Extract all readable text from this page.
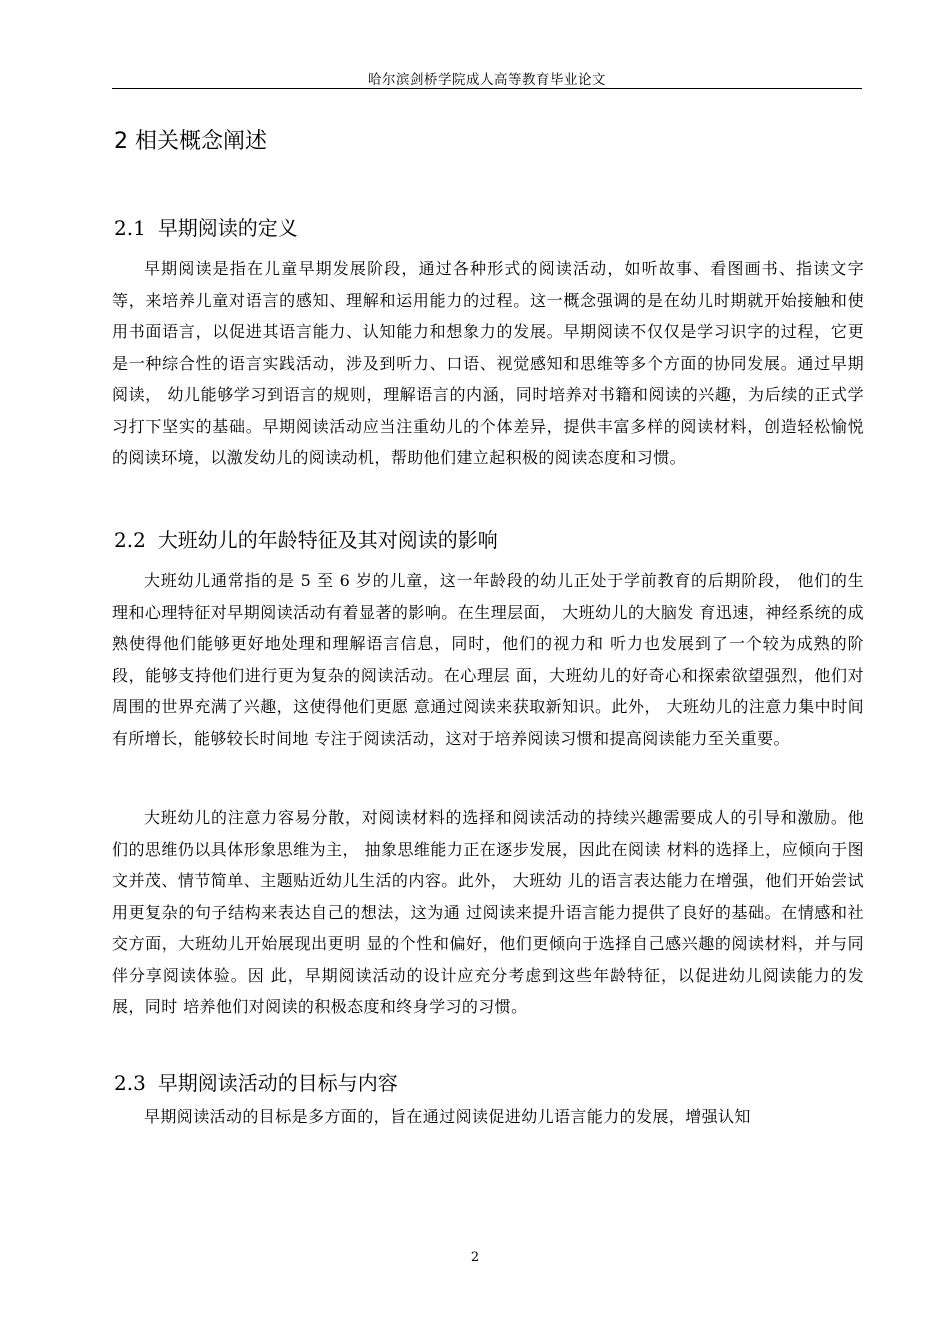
哈尔滨剑桥学院成人高等教育毕业论文
2 相关概念阐述
2.1 早期阅读的定义

早期阅读是指在儿童早期发展阶段，通过各种形式的阅读活动，如听故事、看图画书、指读文字等，来培养儿童对语言的感知、理解和运用能力的过程。这一概念强调的是在幼儿时期就开始接触和使用书面语言，以促进其语言能力、认知能力和想象力的发展。早期阅读不仅仅是学习识字的过程，它更是一种综合性的语言实践活动，涉及到听力、口语、视觉感知和思维等多个方面的协同发展。通过早期阅读， 幼儿能够学习到语言的规则，理解语言的内涵，同时培养对书籍和阅读的兴趣，为后续的正式学习打下坚实的基础。早期阅读活动应当注重幼儿的个体差异，提供丰富多样的阅读材料，创造轻松愉悦的阅读环境，以激发幼儿的阅读动机，帮助他们建立起积极的阅读态度和习惯。

2.2 大班幼儿的年龄特征及其对阅读的影响

大班幼儿通常指的是 5 至 6 岁的儿童，这一年龄段的幼儿正处于学前教育的后期阶段， 他们的生理和心理特征对早期阅读活动有着显著的影响。在生理层面， 大班幼儿的大脑发 育迅速，神经系统的成熟使得他们能够更好地处理和理解语言信息，同时，他们的视力和 听力也发展到了一个较为成熟的阶段，能够支持他们进行更为复杂的阅读活动。在心理层 面，大班幼儿的好奇心和探索欲望强烈，他们对周围的世界充满了兴趣，这使得他们更愿 意通过阅读来获取新知识。此外， 大班幼儿的注意力集中时间有所增长，能够较长时间地 专注于阅读活动，这对于培养阅读习惯和提高阅读能力至关重要。

大班幼儿的注意力容易分散，对阅读材料的选择和阅读活动的持续兴趣需要成人的引导和激励。他们的思维仍以具体形象思维为主， 抽象思维能力正在逐步发展，因此在阅读 材料的选择上，应倾向于图文并茂、情节简单、主题贴近幼儿生活的内容。此外， 大班幼 儿的语言表达能力在增强，他们开始尝试用更复杂的句子结构来表达自己的想法，这为通 过阅读来提升语言能力提供了良好的基础。在情感和社交方面，大班幼儿开始展现出更明 显的个性和偏好，他们更倾向于选择自己感兴趣的阅读材料，并与同伴分享阅读体验。因 此，早期阅读活动的设计应充分考虑到这些年龄特征，以促进幼儿阅读能力的发展，同时 培养他们对阅读的积极态度和终身学习的习惯。

2.3 早期阅读活动的目标与内容

早期阅读活动的目标是多方面的，旨在通过阅读促进幼儿语言能力的发展，增强认知

2
